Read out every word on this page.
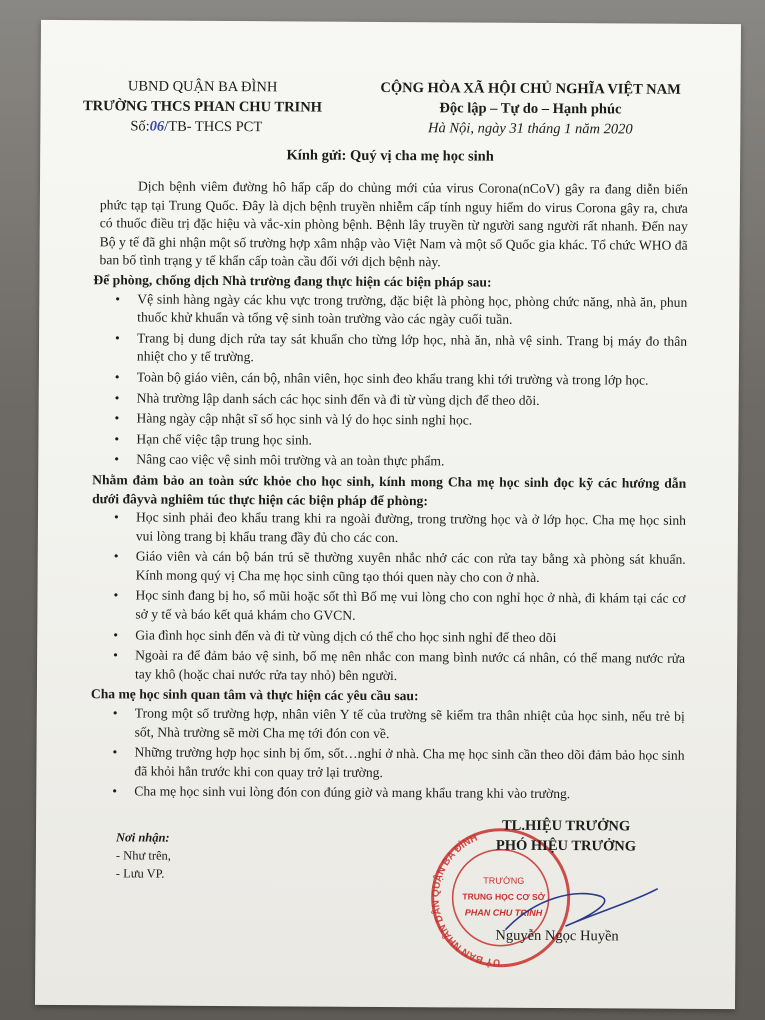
UBND QUẬN BA ĐÌNH
TRƯỜNG THCS PHAN CHU TRINH
Số:06/TB- THCS PCT
CỘNG HÒA XÃ HỘI CHỦ NGHĨA VIỆT NAM
Độc lập – Tự do – Hạnh phúc
Hà Nội, ngày 31 tháng 1 năm 2020
Kính gửi: Quý vị cha mẹ học sinh

Dịch bệnh viêm đường hô hấp cấp do chủng mới của virus Corona(nCoV) gây ra đang diễn biến phức tạp tại Trung Quốc. Đây là dịch bệnh truyền nhiễm cấp tính nguy hiểm do virus Corona gây ra, chưa có thuốc điều trị đặc hiệu và vắc-xin phòng bệnh. Bệnh lây truyền từ người sang người rất nhanh. Đến nay Bộ y tế đã ghi nhận một số trường hợp xâm nhập vào Việt Nam và một số Quốc gia khác. Tổ chức WHO đã ban bố tình trạng y tế khẩn cấp toàn cầu đối với dịch bệnh này.

Để phòng, chống dịch Nhà trường đang thực hiện các biện pháp sau:

• Vệ sinh hàng ngày các khu vực trong trường, đặc biệt là phòng học, phòng chức năng, nhà ăn, phun thuốc khử khuẩn và tổng vệ sinh toàn trường vào các ngày cuối tuần.
• Trang bị dung dịch rửa tay sát khuẩn cho từng lớp học, nhà ăn, nhà vệ sinh. Trang bị máy đo thân nhiệt cho y tế trường.
• Toàn bộ giáo viên, cán bộ, nhân viên, học sinh đeo khẩu trang khi tới trường và trong lớp học.
• Nhà trường lập danh sách các học sinh đến và đi từ vùng dịch để theo dõi.
• Hàng ngày cập nhật sĩ số học sinh và lý do học sinh nghỉ học.
• Hạn chế việc tập trung học sinh.
• Nâng cao việc vệ sinh môi trường và an toàn thực phẩm.

Nhằm đảm bảo an toàn sức khỏe cho học sinh, kính mong Cha mẹ học sinh đọc kỹ các hướng dẫn dưới đâyvà nghiêm túc thực hiện các biện pháp để phòng:

• Học sinh phải đeo khẩu trang khi ra ngoài đường, trong trường học và ở lớp học. Cha mẹ học sinh vui lòng trang bị khẩu trang đầy đủ cho các con.
• Giáo viên và cán bộ bán trú sẽ thường xuyên nhắc nhở các con rửa tay bằng xà phòng sát khuẩn. Kính mong quý vị Cha mẹ học sinh cũng tạo thói quen này cho con ở nhà.
• Học sinh đang bị ho, sổ mũi hoặc sốt thì Bố mẹ vui lòng cho con nghỉ học ở nhà, đi khám tại các cơ sở y tế và báo kết quả khám cho GVCN.
• Gia đình học sinh đến và đi từ vùng dịch có thể cho học sinh nghỉ để theo dõi
• Ngoài ra để đảm bảo vệ sinh, bố mẹ nên nhắc con mang bình nước cá nhân, có thể mang nước rửa tay khô (hoặc chai nước rửa tay nhỏ) bên người.

Cha mẹ học sinh quan tâm và thực hiện các yêu cầu sau:

• Trong một số trường hợp, nhân viên Y tế của trường sẽ kiểm tra thân nhiệt của học sinh, nếu trẻ bị sốt, Nhà trường sẽ mời Cha mẹ tới đón con về.
• Những trường hợp học sinh bị ốm, sốt…nghỉ ở nhà. Cha mẹ học sinh cần theo dõi đảm bảo học sinh đã khỏi hẳn trước khi con quay trở lại trường.
• Cha mẹ học sinh vui lòng đón con đúng giờ và mang khẩu trang khi vào trường.
Nơi nhận:
- Như trên,
- Lưu VP.
UỶ BAN NHÂN DÂN QUẬN BA ĐÌNH
TRƯỜNG
TRUNG HỌC CƠ SỞ
PHAN CHU TRINH
TL.HIỆU TRƯỞNG
PHÓ HIỆU TRƯỞNG
Nguyễn Ngọc Huyền
